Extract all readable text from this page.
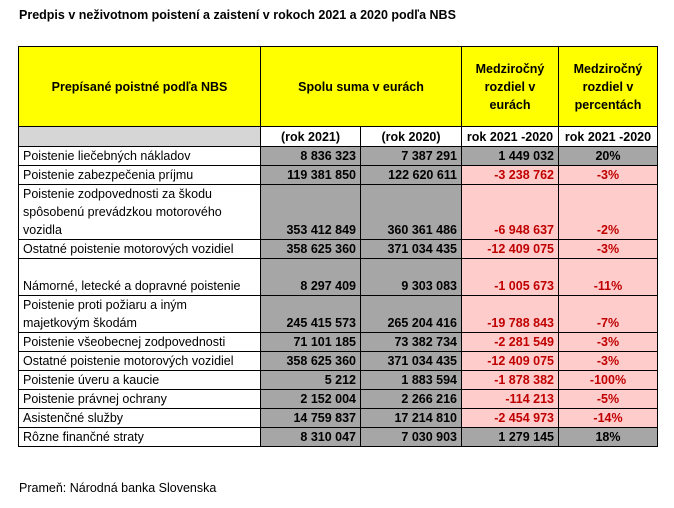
Predpis v neživotnom poistení a zaistení v rokoch 2021 a 2020 podľa NBS
Prepísané poistné podľa NBS	Spolu suma v eurách		Medziročný rozdiel v eurách	Medziročný rozdiel v percentách
	(rok 2021)	(rok 2020)	rok 2021 -2020	rok 2021 -2020
Poistenie liečebných nákladov	8 836 323	7 387 291	1 449 032	20%
Poistenie zabezpečenia príjmu	119 381 850	122 620 611	-3 238 762	-3%
Poistenie zodpovednosti za škodu spôsobenú prevádzkou motorového vozidla	353 412 849	360 361 486	-6 948 637	-2%
Ostatné poistenie motorových vozidiel	358 625 360	371 034 435	-12 409 075	-3%
Námorné, letecké a dopravné poistenie	8 297 409	9 303 083	-1 005 673	-11%
Poistenie proti požiaru a iným majetkovým škodám	245 415 573	265 204 416	-19 788 843	-7%
Poistenie všeobecnej zodpovednosti	71 101 185	73 382 734	-2 281 549	-3%
Ostatné poistenie motorových vozidiel	358 625 360	371 034 435	-12 409 075	-3%
Poistenie úveru a kaucie	5 212	1 883 594	-1 878 382	-100%
Poistenie právnej ochrany	2 152 004	2 266 216	-114 213	-5%
Asistenčné služby	14 759 837	17 214 810	-2 454 973	-14%
Rôzne finančné straty	8 310 047	7 030 903	1 279 145	18%
Prameň: Národná banka Slovenska
